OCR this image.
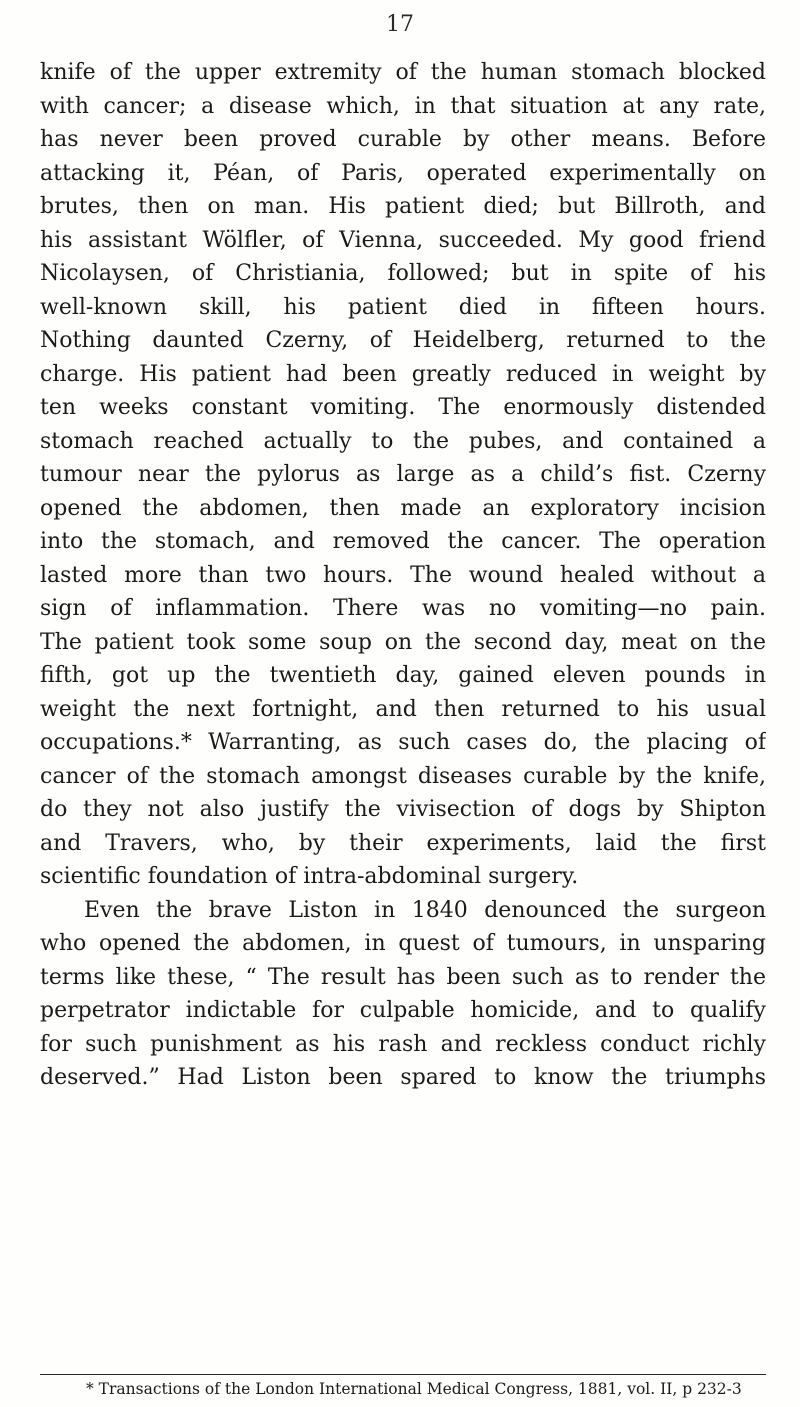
17
knife of the upper extremity of the human stomach blocked
with cancer; a disease which, in that situation at any rate,
has never been proved curable by other means. Before
attacking it, Péan, of Paris, operated experimentally on
brutes, then on man. His patient died; but Billroth, and
his assistant Wölfler, of Vienna, succeeded. My good friend
Nicolaysen, of Christiania, followed; but in spite of his
well-known skill, his patient died in fifteen hours.
Nothing daunted Czerny, of Heidelberg, returned to the
charge. His patient had been greatly reduced in weight by
ten weeks constant vomiting. The enormously distended
stomach reached actually to the pubes, and contained a
tumour near the pylorus as large as a child’s fist. Czerny
opened the abdomen, then made an exploratory incision
into the stomach, and removed the cancer. The operation
lasted more than two hours. The wound healed without a
sign of inflammation. There was no vomiting—no pain.
The patient took some soup on the second day, meat on the
fifth, got up the twentieth day, gained eleven pounds in
weight the next fortnight, and then returned to his usual
occupations.* Warranting, as such cases do, the placing of
cancer of the stomach amongst diseases curable by the knife,
do they not also justify the vivisection of dogs by Shipton
and Travers, who, by their experiments, laid the first
scientific foundation of intra-abdominal surgery.
Even the brave Liston in 1840 denounced the surgeon
who opened the abdomen, in quest of tumours, in unsparing
terms like these, “ The result has been such as to render the
perpetrator indictable for culpable homicide, and to qualify
for such punishment as his rash and reckless conduct richly
deserved.” Had Liston been spared to know the triumphs
* Transactions of the London International Medical Congress, 1881, vol. II, p 232-3
